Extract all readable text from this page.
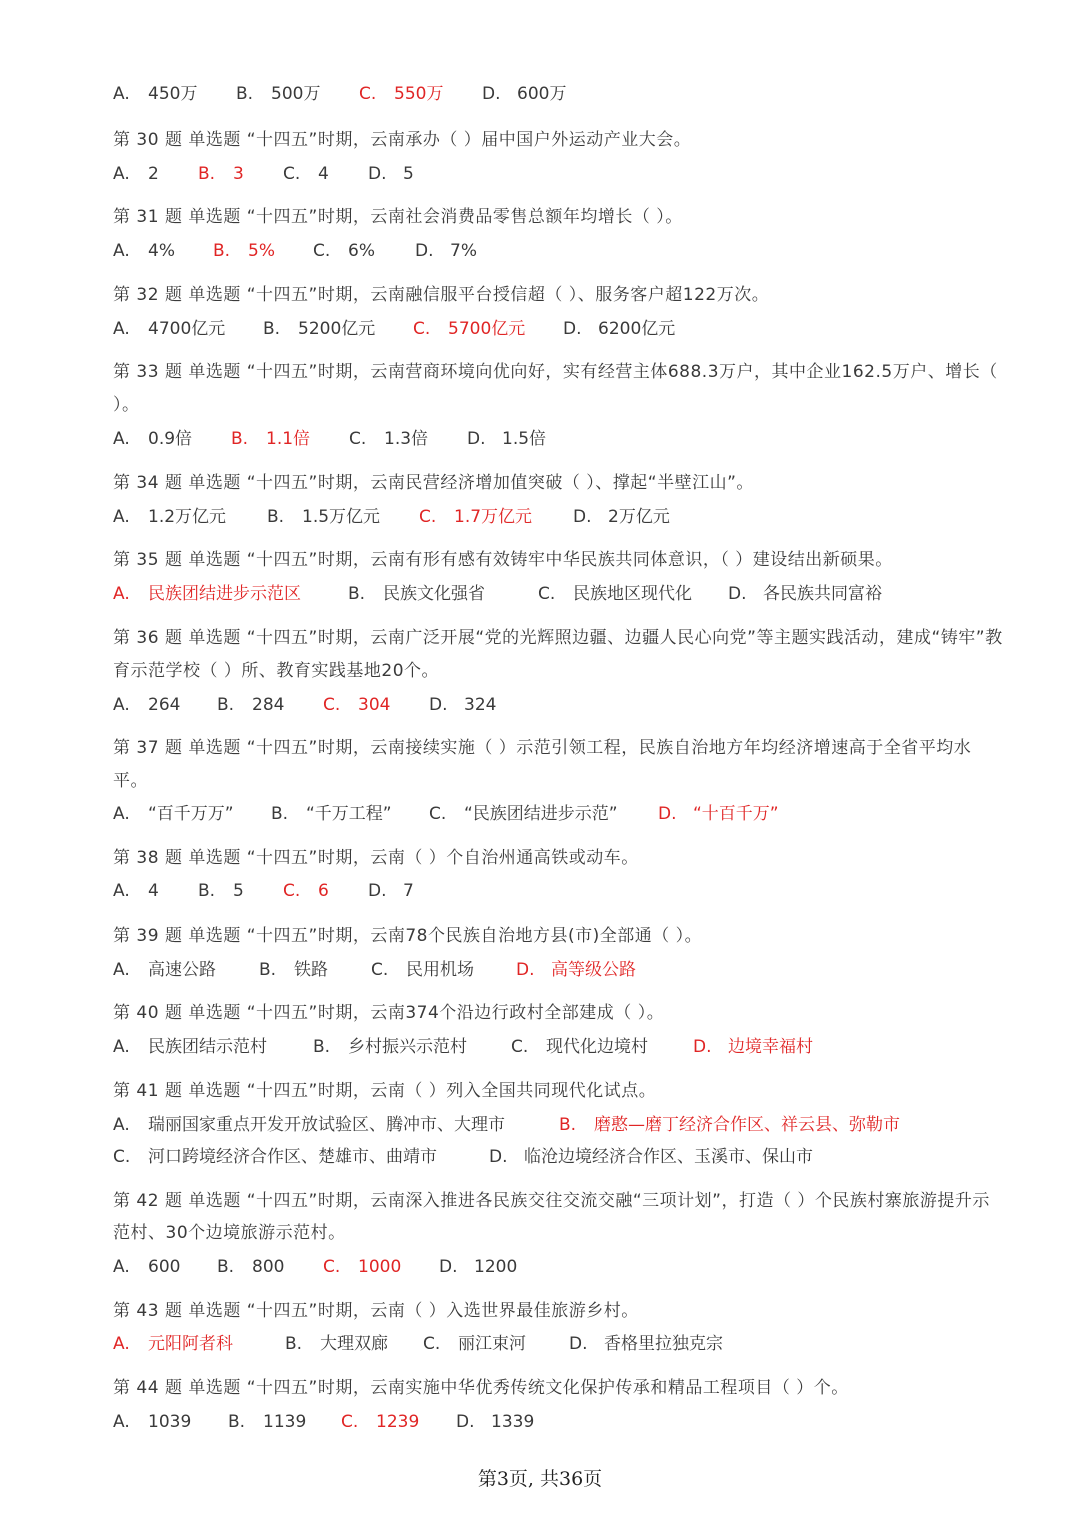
A. 450万 B. 500万 C. 550万 D. 600万
第 30 题 单选题 “十四五”时期，云南承办（ ）届中国户外运动产业大会。
A. 2 B. 3 C. 4 D. 5
第 31 题 单选题 “十四五”时期，云南社会消费品零售总额年均增长（ ）。
A. 4% B. 5% C. 6% D. 7%
第 32 题 单选题 “十四五”时期，云南融信服平台授信超（ ）、服务客户超122万次。
A. 4700亿元 B. 5200亿元 C. 5700亿元 D. 6200亿元
第 33 题 单选题 “十四五”时期，云南营商环境向优向好，实有经营主体688.3万户，其中企业162.5万户、增长（
）。
A. 0.9倍 B. 1.1倍 C. 1.3倍 D. 1.5倍
第 34 题 单选题 “十四五”时期，云南民营经济增加值突破（ ）、撑起“半壁江山”。
A. 1.2万亿元 B. 1.5万亿元 C. 1.7万亿元 D. 2万亿元
第 35 题 单选题 “十四五”时期，云南有形有感有效铸牢中华民族共同体意识，（ ）建设结出新硕果。
A. 民族团结进步示范区	B. 民族文化强省	C. 民族地区现代化 D. 各民族共同富裕
第 36 题 单选题 “十四五”时期，云南广泛开展“党的光辉照边疆、边疆人民心向党”等主题实践活动，建成“铸牢”教
育示范学校（ ）所、教育实践基地20个。
A. 264 B. 284 C. 304 D. 324
第 37 题 单选题 “十四五”时期，云南接续实施（ ）示范引领工程，民族自治地方年均经济增速高于全省平均水
平。
A. “百千万万” B. “千万工程” C. “民族团结进步示范” D. “十百千万”
第 38 题 单选题 “十四五”时期，云南（ ）个自治州通高铁或动车。
A. 4 B. 5 C. 6 D. 7
第 39 题 单选题 “十四五”时期，云南78个民族自治地方县(市)全部通（ ）。
A. 高速公路	B. 铁路	C. 民用机场 D. 高等级公路
第 40 题 单选题 “十四五”时期，云南374个沿边行政村全部建成（ ）。
A. 民族团结示范村	B. 乡村振兴示范村	C. 现代化边境村	D. 边境幸福村
第 41 题 单选题 “十四五”时期，云南（ ）列入全国共同现代化试点。
A. 瑞丽国家重点开发开放试验区、腾冲市、大理市	B. 磨憨—磨丁经济合作区、祥云县、弥勒市
C. 河口跨境经济合作区、楚雄市、曲靖市	D. 临沧边境经济合作区、玉溪市、保山市
第 42 题 单选题 “十四五”时期，云南深入推进各民族交往交流交融“三项计划”，打造（ ）个民族村寨旅游提升示
范村、30个边境旅游示范村。
A. 600 B. 800 C. 1000 D. 1200
第 43 题 单选题 “十四五”时期，云南（ ）入选世界最佳旅游乡村。
A. 元阳阿者科	B. 大理双廊 C. 丽江束河	D. 香格里拉独克宗
第 44 题 单选题 “十四五”时期，云南实施中华优秀传统文化保护传承和精品工程项目（ ）个。
A. 1039 B. 1139 C. 1239 D. 1339
第3页, 共36页
